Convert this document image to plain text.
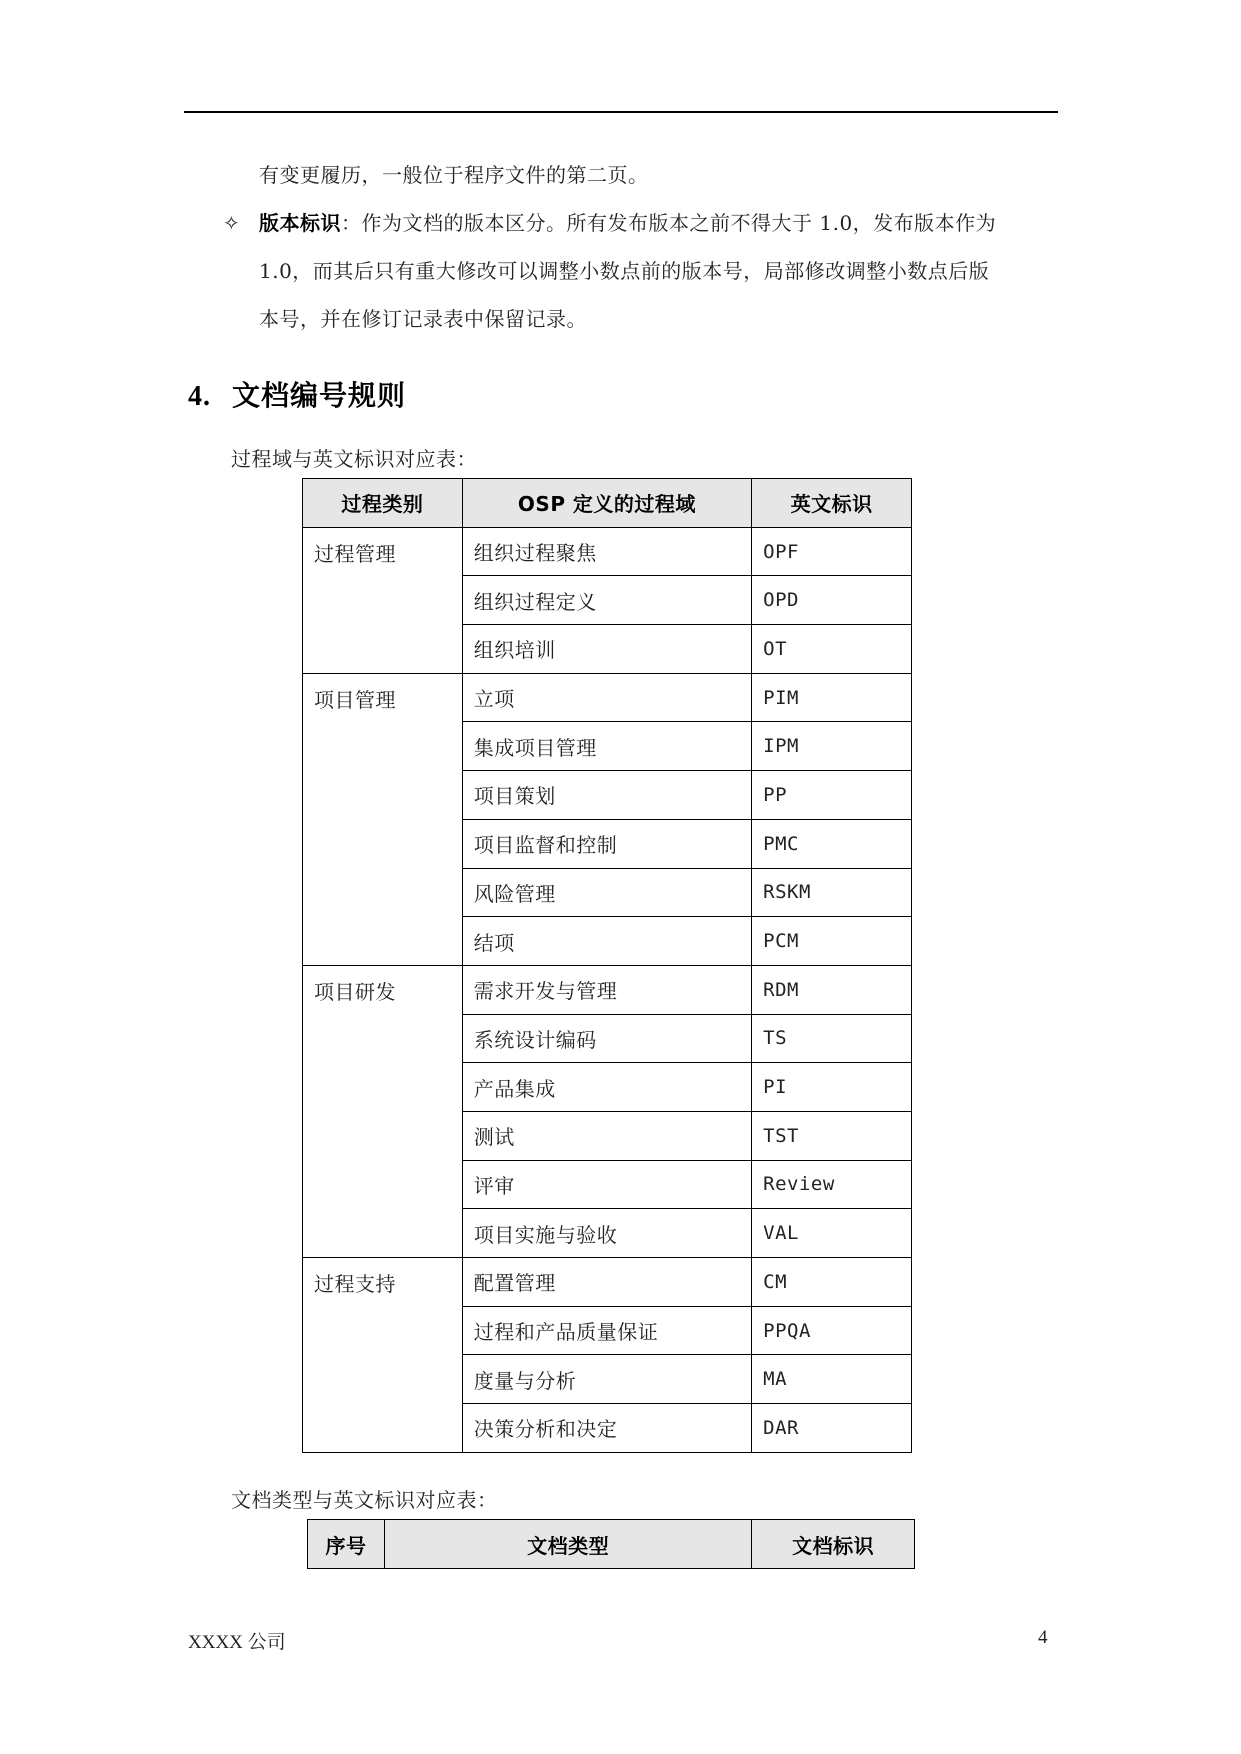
有变更履历，一般位于程序文件的第二页。
✧ 版本标识：作为文档的版本区分。所有发布版本之前不得大于 1.0，发布版本作为
1.0，而其后只有重大修改可以调整小数点前的版本号，局部修改调整小数点后版
本号，并在修订记录表中保留记录。
4. 文档编号规则
过程域与英文标识对应表：
过程类别	OSP 定义的过程域	英文标识
过程管理	组织过程聚焦	OPF
	组织过程定义	OPD
	组织培训	OT
项目管理	立项	PIM
	集成项目管理	IPM
	项目策划	PP
	项目监督和控制	PMC
	风险管理	RSKM
	结项	PCM
项目研发	需求开发与管理	RDM
	系统设计编码	TS
	产品集成	PI
	测试	TST
	评审	Review
	项目实施与验收	VAL
过程支持	配置管理	CM
	过程和产品质量保证	PPQA
	度量与分析	MA
	决策分析和决定	DAR
文档类型与英文标识对应表：
序号	文档类型	文档标识
XXXX 公司	4
